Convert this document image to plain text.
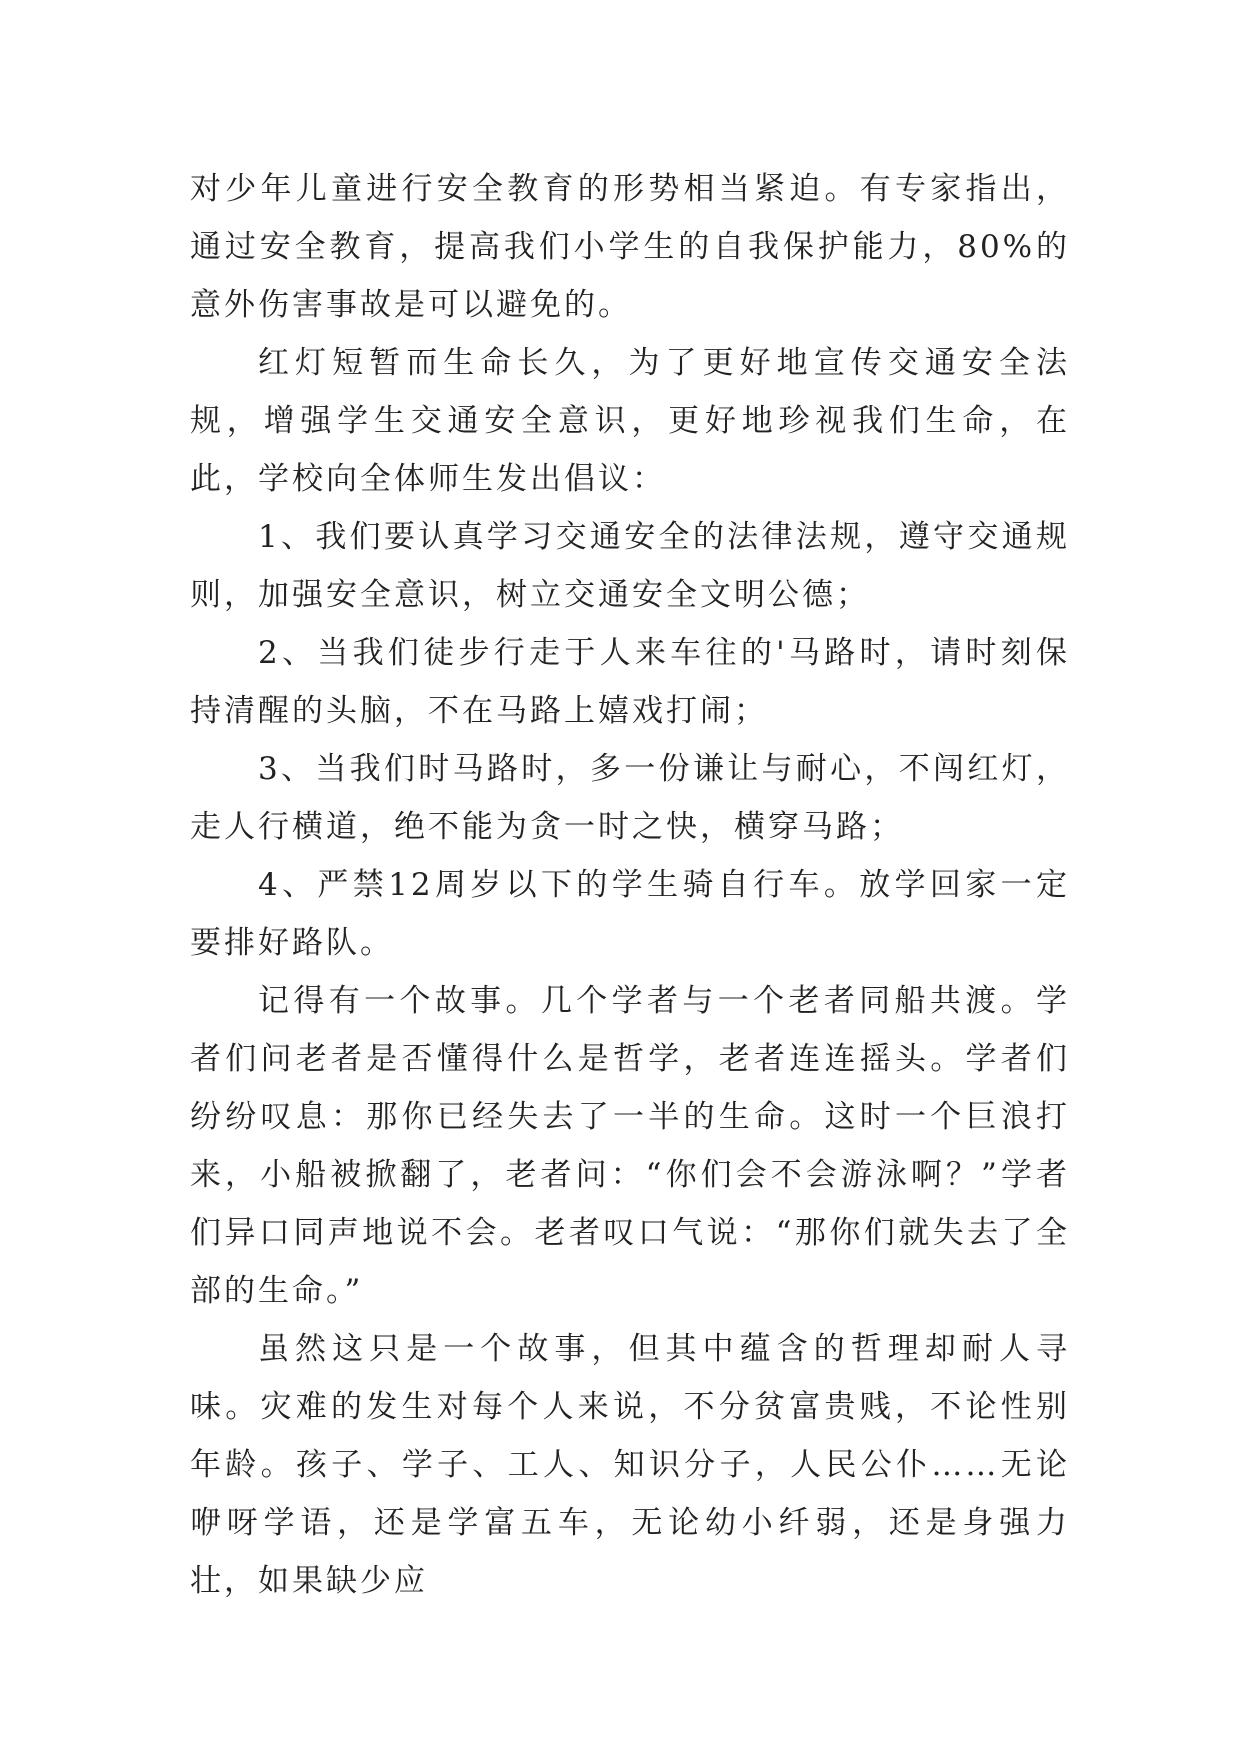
对少年儿童进行安全教育的形势相当紧迫。有专家指出，通过安全教育，提高我们小学生的自我保护能力，80%的意外伤害事故是可以避免的。

红灯短暂而生命长久，为了更好地宣传交通安全法规，增强学生交通安全意识，更好地珍视我们生命，在此，学校向全体师生发出倡议：

1、我们要认真学习交通安全的法律法规，遵守交通规则，加强安全意识，树立交通安全文明公德；

2、当我们徒步行走于人来车往的'马路时，请时刻保持清醒的头脑，不在马路上嬉戏打闹；

3、当我们时马路时，多一份谦让与耐心，不闯红灯，走人行横道，绝不能为贪一时之快，横穿马路；

4、严禁12周岁以下的学生骑自行车。放学回家一定要排好路队。

记得有一个故事。几个学者与一个老者同船共渡。学者们问老者是否懂得什么是哲学，老者连连摇头。学者们纷纷叹息：那你已经失去了一半的生命。这时一个巨浪打来，小船被掀翻了，老者问：“你们会不会游泳啊？”学者们异口同声地说不会。老者叹口气说：“那你们就失去了全部的生命。”

虽然这只是一个故事，但其中蕴含的哲理却耐人寻味。灾难的发生对每个人来说，不分贫富贵贱，不论性别年龄。孩子、学子、工人、知识分子，人民公仆……无论咿呀学语，还是学富五车，无论幼小纤弱，还是身强力壮，如果缺少应
